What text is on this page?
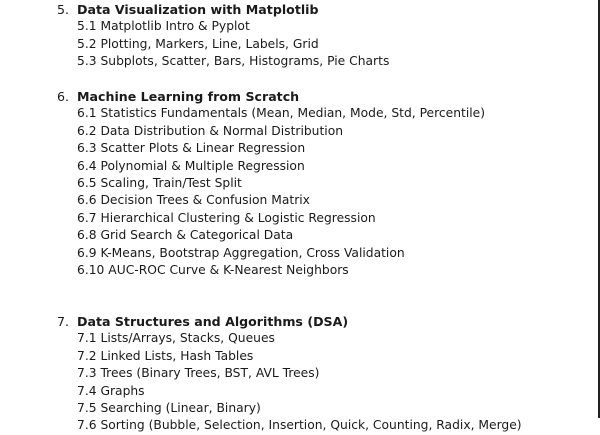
5. Data Visualization with Matplotlib
5.1 Matplotlib Intro & Pyplot
5.2 Plotting, Markers, Line, Labels, Grid
5.3 Subplots, Scatter, Bars, Histograms, Pie Charts
6. Machine Learning from Scratch
6.1 Statistics Fundamentals (Mean, Median, Mode, Std, Percentile)
6.2 Data Distribution & Normal Distribution
6.3 Scatter Plots & Linear Regression
6.4 Polynomial & Multiple Regression
6.5 Scaling, Train/Test Split
6.6 Decision Trees & Confusion Matrix
6.7 Hierarchical Clustering & Logistic Regression
6.8 Grid Search & Categorical Data
6.9 K-Means, Bootstrap Aggregation, Cross Validation
6.10 AUC-ROC Curve & K-Nearest Neighbors
7. Data Structures and Algorithms (DSA)
7.1 Lists/Arrays, Stacks, Queues
7.2 Linked Lists, Hash Tables
7.3 Trees (Binary Trees, BST, AVL Trees)
7.4 Graphs
7.5 Searching (Linear, Binary)
7.6 Sorting (Bubble, Selection, Insertion, Quick, Counting, Radix, Merge)
